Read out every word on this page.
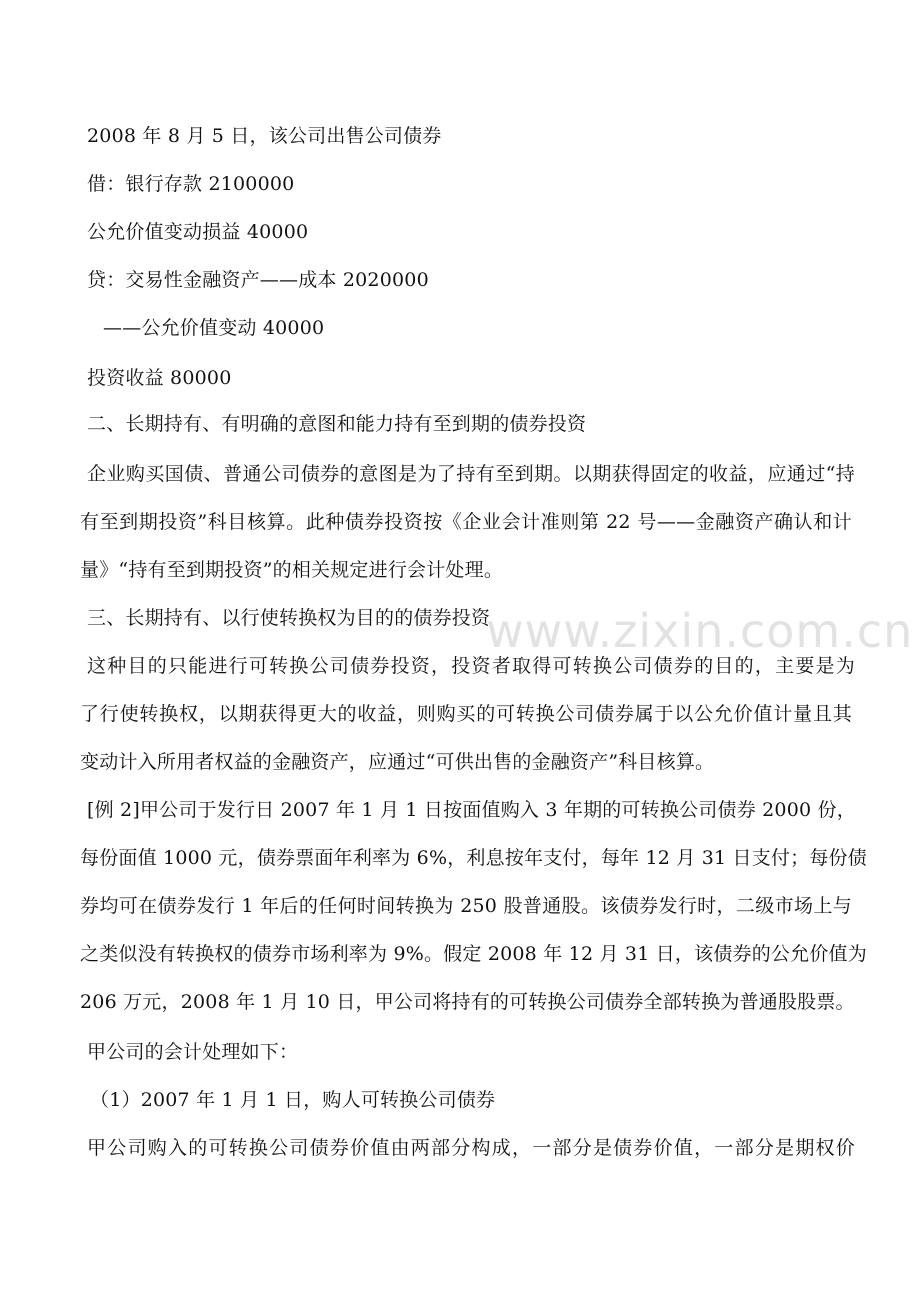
www.zixin.com.cn
2008 年 8 月 5 日，该公司出售公司债券
借：银行存款 2100000
公允价值变动损益 40000
贷：交易性金融资产——成本 2020000
——公允价值变动 40000
投资收益 80000
二、长期持有、有明确的意图和能力持有至到期的债券投资
企业购买国债、普通公司债券的意图是为了持有至到期。以期获得固定的收益，应通过“持
有至到期投资”科目核算。此种债券投资按《企业会计准则第 22 号——金融资产确认和计
量》“持有至到期投资”的相关规定进行会计处理。
三、长期持有、以行使转换权为目的的债券投资
这种目的只能进行可转换公司债券投资，投资者取得可转换公司债券的目的，主要是为
了行使转换权，以期获得更大的收益，则购买的可转换公司债券属于以公允价值计量且其
变动计入所用者权益的金融资产，应通过“可供出售的金融资产”科目核算。
[例 2]甲公司于发行日 2007 年 1 月 1 日按面值购入 3 年期的可转换公司债券 2000 份，
每份面值 1000 元，债券票面年利率为 6%，利息按年支付，每年 12 月 31 日支付；每份债
券均可在债券发行 1 年后的任何时间转换为 250 股普通股。该债券发行时，二级市场上与
之类似没有转换权的债券市场利率为 9%。假定 2008 年 12 月 31 日，该债券的公允价值为
206 万元，2008 年 1 月 10 日，甲公司将持有的可转换公司债券全部转换为普通股股票。
甲公司的会计处理如下：
（1）2007 年 1 月 1 日，购人可转换公司债券
甲公司购入的可转换公司债券价值由两部分构成，一部分是债券价值，一部分是期权价
